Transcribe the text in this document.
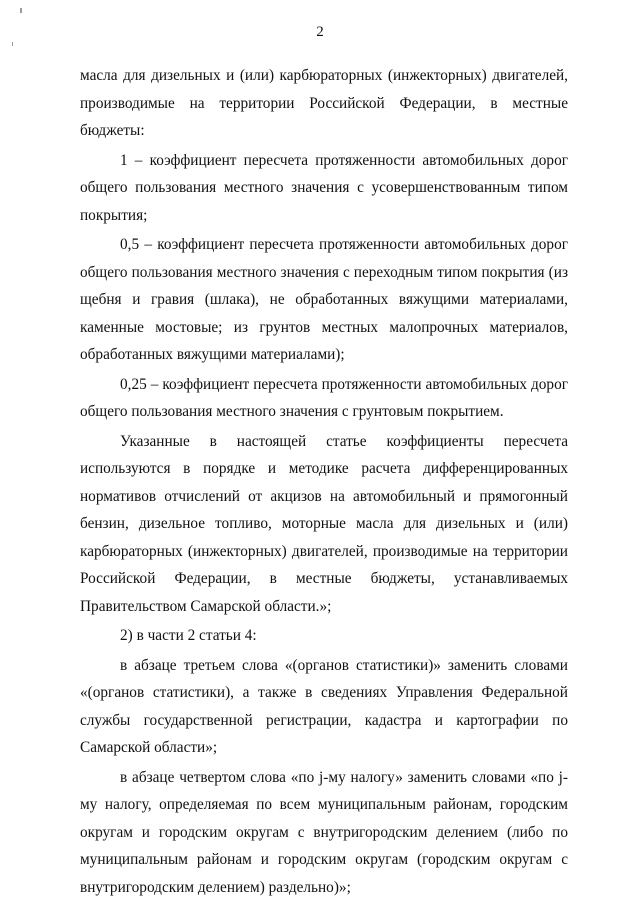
2

масла для дизельных и (или) карбюраторных (инжекторных) двигателей, производимые на территории Российской Федерации, в местные бюджеты:

1 – коэффициент пересчета протяженности автомобильных дорог общего пользования местного значения с усовершенствованным типом покрытия;

0,5 – коэффициент пересчета протяженности автомобильных дорог общего пользования местного значения с переходным типом покрытия (из щебня и гравия (шлака), не обработанных вяжущими материалами, каменные мостовые; из грунтов местных малопрочных материалов, обработанных вяжущими материалами);

0,25 – коэффициент пересчета протяженности автомобильных дорог общего пользования местного значения с грунтовым покрытием.

Указанные в настоящей статье коэффициенты пересчета используются в порядке и методике расчета дифференцированных нормативов отчислений от акцизов на автомобильный и прямогонный бензин, дизельное топливо, моторные масла для дизельных и (или) карбюраторных (инжекторных) двигателей, производимые на территории Российской Федерации, в местные бюджеты, устанавливаемых Правительством Самарской области.»;

2) в части 2 статьи 4:

в абзаце третьем слова «(органов статистики)» заменить словами «(органов статистики), а также в сведениях Управления Федеральной службы государственной регистрации, кадастра и картографии по Самарской области»;

в абзаце четвертом слова «по j-му налогу» заменить словами «по j-му налогу, определяемая по всем муниципальным районам, городским округам и городским округам с внутригородским делением (либо по муниципальным районам и городским округам (городским округам с внутригородским делением) раздельно)»;
